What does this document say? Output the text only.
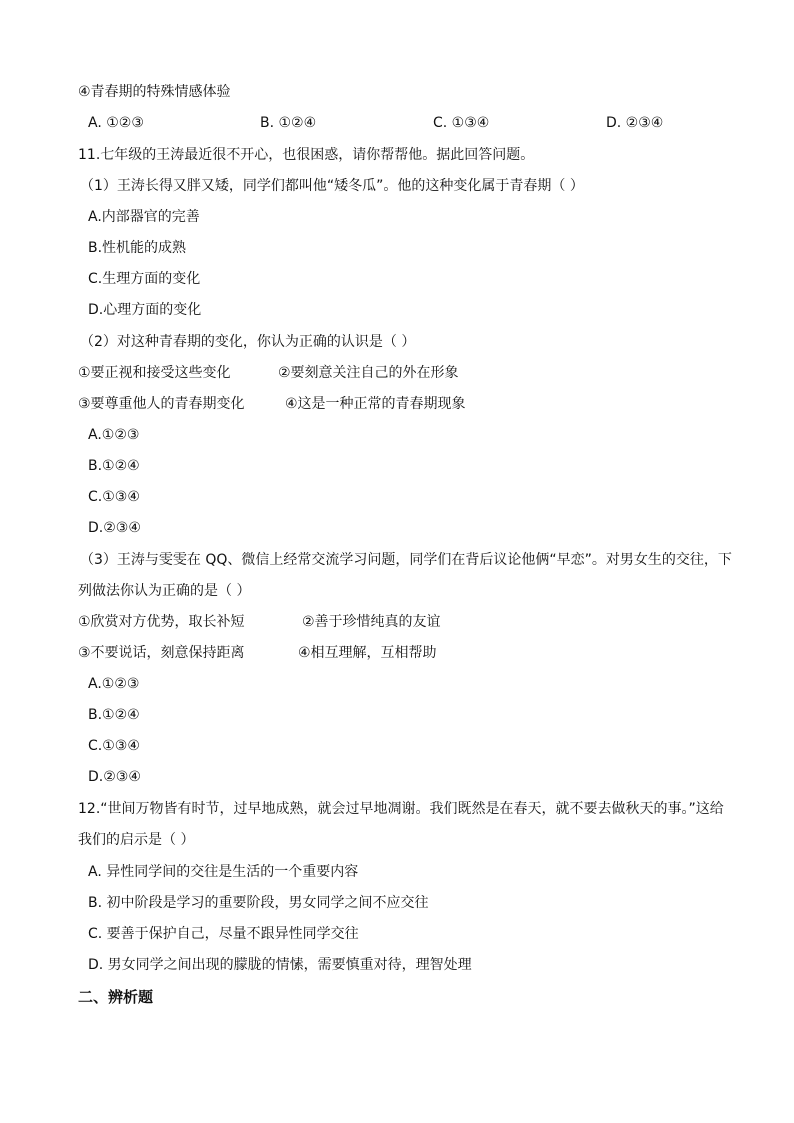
④青春期的特殊情感体验
A. ①②③	B. ①②④	C. ①③④	D. ②③④
11.七年级的王涛最近很不开心，也很困惑，请你帮帮他。据此回答问题。
（1）王涛长得又胖又矮，同学们都叫他“矮冬瓜”。他的这种变化属于青春期（ ）
A.内部器官的完善
B.性机能的成熟
C.生理方面的变化
D.心理方面的变化
（2）对这种青春期的变化，你认为正确的认识是（ ）
①要正视和接受这些变化	②要刻意关注自己的外在形象
③要尊重他人的青春期变化	④这是一种正常的青春期现象
A.①②③
B.①②④
C.①③④
D.②③④
（3）王涛与雯雯在 QQ、微信上经常交流学习问题，同学们在背后议论他俩“早恋”。对男女生的交往，下
列做法你认为正确的是（ ）
①欣赏对方优势，取长补短	②善于珍惜纯真的友谊
③不要说话，刻意保持距离	④相互理解，互相帮助
A.①②③
B.①②④
C.①③④
D.②③④
12.“世间万物皆有时节，过早地成熟，就会过早地凋谢。我们既然是在春天，就不要去做秋天的事。”这给
我们的启示是（ ）
A. 异性同学间的交往是生活的一个重要内容
B. 初中阶段是学习的重要阶段，男女同学之间不应交往
C. 要善于保护自己，尽量不跟异性同学交往
D. 男女同学之间出现的朦胧的情愫，需要慎重对待，理智处理
二、辨析题
